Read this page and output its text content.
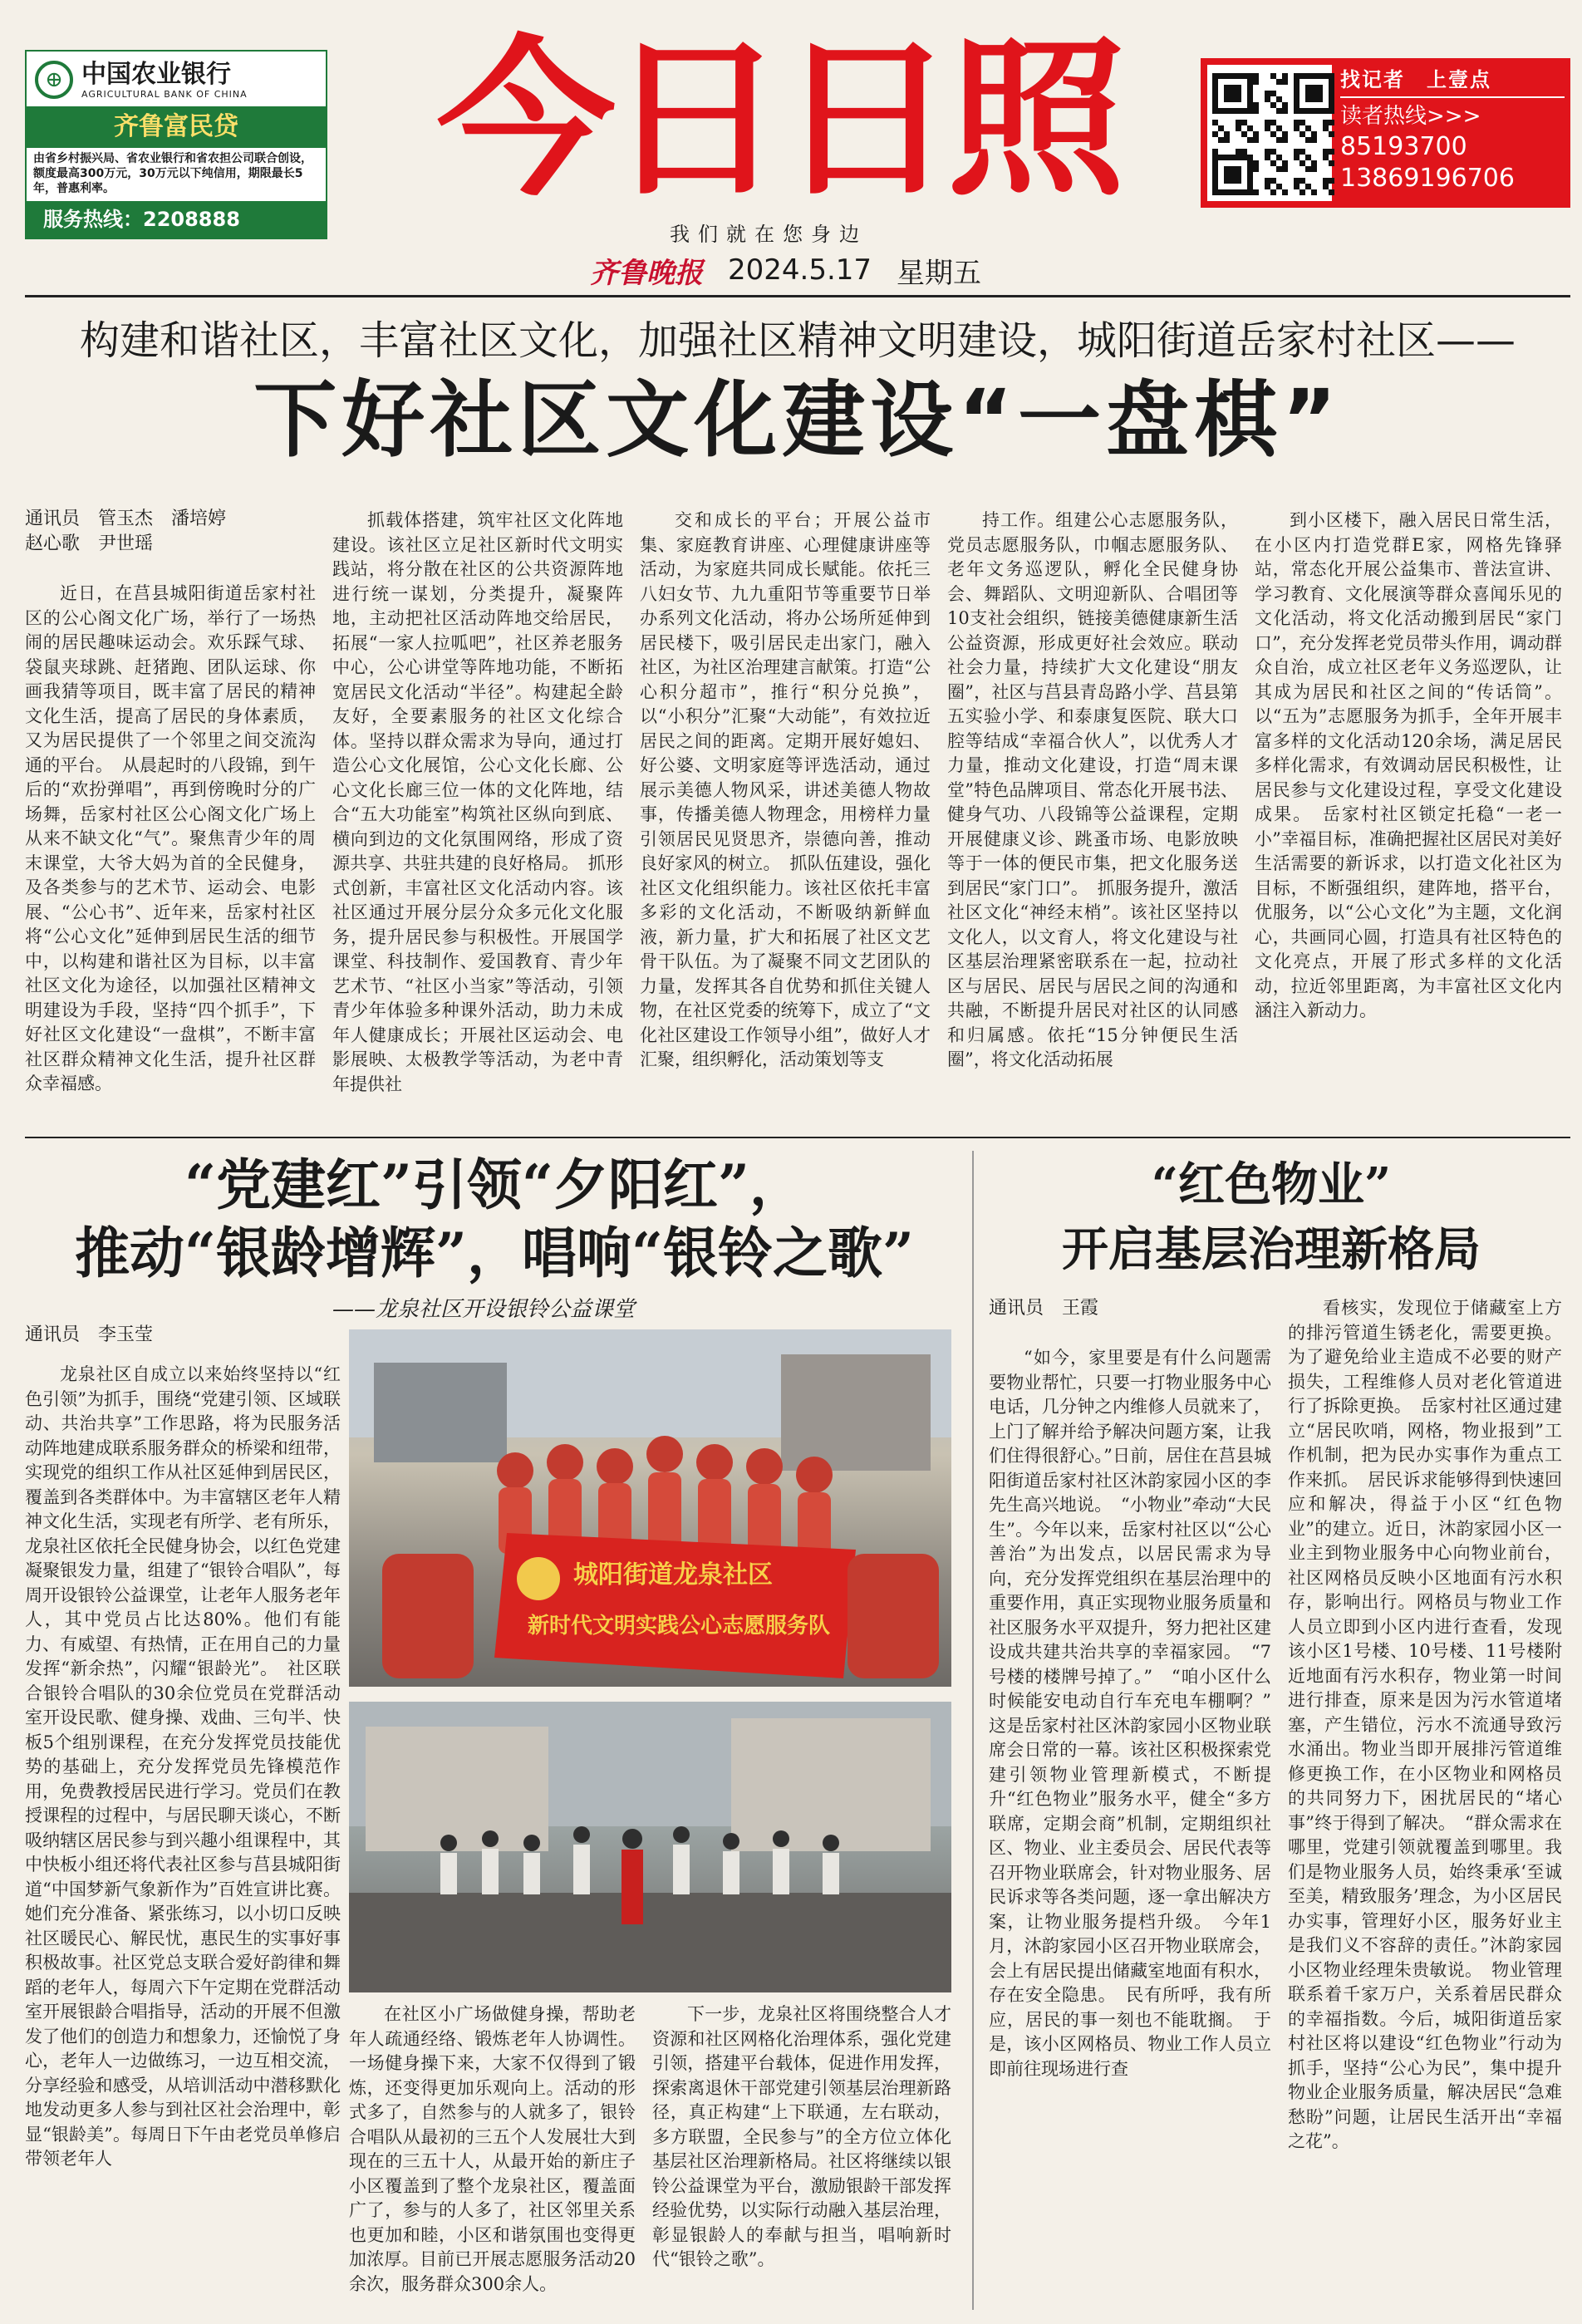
⊕ 中国农业银行
AGRICULTURAL BANK OF CHINA
齐鲁富民贷
由省乡村振兴局、省农业银行和省农担公司联合创设，额度最高300万元，30万元以下纯信用，期限最长5年，普惠利率。
服务热线：2208888	今日日照
我们就在您身边
齐鲁晚报 2024.5.17 星期五
找记者　上壹点
读者热线>>>
85193700
13869196706
构建和谐社区，丰富社区文化，加强社区精神文明建设，城阳街道岳家村社区——
下好社区文化建设“一盘棋”
通讯员　管玉杰　潘培婷
赵心歌　尹世瑶

近日，在莒县城阳街道岳家村社区的公心阁文化广场，举行了一场热闹的居民趣味运动会。欢乐踩气球、袋鼠夹球跳、赶猪跑、团队运球、你画我猜等项目，既丰富了居民的精神文化生活，提高了居民的身体素质，又为居民提供了一个邻里之间交流沟通的平台。　从晨起时的八段锦，到午后的“欢扮弹唱”，再到傍晚时分的广场舞，岳家村社区公心阁文化广场上从来不缺文化“气”。聚焦青少年的周末课堂，大爷大妈为首的全民健身，及各类参与的艺术节、运动会、电影展、“公心书”、近年来，岳家村社区将“公心文化”延伸到居民生活的细节中，以构建和谐社区为目标，以丰富社区文化为途径，以加强社区精神文明建设为手段，坚持“四个抓手”，下好社区文化建设“一盘棋”，不断丰富社区群众精神文化生活，提升社区群众幸福感。

抓载体搭建，筑牢社区文化阵地建设。该社区立足社区新时代文明实践站，将分散在社区的公共资源阵地进行统一谋划，分类提升，凝聚阵地，主动把社区活动阵地交给居民，拓展“一家人拉呱吧”，社区养老服务中心，公心讲堂等阵地功能，不断拓宽居民文化活动“半径”。构建起全龄友好，全要素服务的社区文化综合体。坚持以群众需求为导向，通过打造公心文化展馆，公心文化长廊、公心文化长廊三位一体的文化阵地，结合“五大功能室”构筑社区纵向到底、横向到边的文化氛围网络，形成了资源共享、共驻共建的良好格局。　抓形式创新，丰富社区文化活动内容。该社区通过开展分层分众多元化文化服务，提升居民参与积极性。开展国学课堂、科技制作、爱国教育、青少年艺术节、“社区小当家”等活动，引领青少年体验多种课外活动，助力未成年人健康成长；开展社区运动会、电影展映、太极教学等活动，为老中青年提供社

交和成长的平台；开展公益市集、家庭教育讲座、心理健康讲座等活动，为家庭共同成长赋能。依托三八妇女节、九九重阳节等重要节日举办系列文化活动，将办公场所延伸到居民楼下，吸引居民走出家门，融入社区，为社区治理建言献策。打造“公心积分超市”，推行“积分兑换”，以“小积分”汇聚“大动能”，有效拉近居民之间的距离。定期开展好媳妇、好公婆、文明家庭等评选活动，通过展示美德人物风采，讲述美德人物故事，传播美德人物理念，用榜样力量引领居民见贤思齐，崇德向善，推动良好家风的树立。　抓队伍建设，强化社区文化组织能力。该社区依托丰富多彩的文化活动，不断吸纳新鲜血液，新力量，扩大和拓展了社区文艺骨干队伍。为了凝聚不同文艺团队的力量，发挥其各自优势和抓住关键人物，在社区党委的统筹下，成立了“文化社区建设工作领导小组”，做好人才汇聚，组织孵化，活动策划等支

持工作。组建公心志愿服务队，党员志愿服务队，巾帼志愿服务队、老年文务巡逻队，孵化全民健身协会、舞蹈队、文明迎新队、合唱团等10支社会组织，链接美德健康新生活公益资源，形成更好社会效应。联动社会力量，持续扩大文化建设“朋友圈”，社区与莒县青岛路小学、莒县第五实验小学、和泰康复医院、联大口腔等结成“幸福合伙人”，以优秀人才力量，推动文化建设，打造“周末课堂”特色品牌项目、常态化开展书法、健身气功、八段锦等公益课程，定期开展健康义诊、跳蚤市场、电影放映等于一体的便民市集，把文化服务送到居民“家门口”。　抓服务提升，激活社区文化“神经末梢”。该社区坚持以文化人，以文育人，将文化建设与社区基层治理紧密联系在一起，拉动社区与居民、居民与居民之间的沟通和共融，不断提升居民对社区的认同感和归属感。依托“15分钟便民生活圈”，将文化活动拓展

到小区楼下，融入居民日常生活，在小区内打造党群E家，网格先锋驿站，常态化开展公益集市、普法宣讲、学习教育、文化展演等群众喜闻乐见的文化活动，将文化活动搬到居民“家门口”，充分发挥老党员带头作用，调动群众自治，成立社区老年义务巡逻队，让其成为居民和社区之间的“传话筒”。以“五为”志愿服务为抓手，全年开展丰富多样的文化活动120余场，满足居民多样化需求，有效调动居民积极性，让居民参与文化建设过程，享受文化建设成果。　岳家村社区锁定托稳“一老一小”幸福目标，准确把握社区居民对美好生活需要的新诉求，以打造文化社区为目标，不断强组织，建阵地，搭平台，优服务，以“公心文化”为主题，文化润心，共画同心圆，打造具有社区特色的文化亮点，开展了形式多样的文化活动，拉近邻里距离，为丰富社区文化内涵注入新动力。

“党建红”引领“夕阳红”，
推动“银龄增辉”，唱响“银铃之歌”
——龙泉社区开设银铃公益课堂
通讯员　李玉莹

龙泉社区自成立以来始终坚持以“红色引领”为抓手，围绕“党建引领、区域联动、共治共享”工作思路，将为民服务活动阵地建成联系服务群众的桥梁和纽带，实现党的组织工作从社区延伸到居民区，覆盖到各类群体中。为丰富辖区老年人精神文化生活，实现老有所学、老有所乐，龙泉社区依托全民健身协会，以红色党建凝聚银发力量，组建了“银铃合唱队”，每周开设银铃公益课堂，让老年人服务老年人，其中党员占比达80%。他们有能力、有威望、有热情，正在用自己的力量发挥“新余热”，闪耀“银龄光”。　社区联合银铃合唱队的30余位党员在党群活动室开设民歌、健身操、戏曲、三句半、快板5个组别课程，在充分发挥党员技能优势的基础上，充分发挥党员先锋模范作用，免费教授居民进行学习。党员们在教授课程的过程中，与居民聊天谈心，不断吸纳辖区居民参与到兴趣小组课程中，其中快板小组还将代表社区参与莒县城阳街道“中国梦新气象新作为”百姓宣讲比赛。她们充分准备、紧张练习，以小切口反映社区暖民心、解民忧，惠民生的实事好事积极故事。社区党总支联合爱好韵律和舞蹈的老年人，每周六下午定期在党群活动室开展银龄合唱指导，活动的开展不但激发了他们的创造力和想象力，还愉悦了身心，老年人一边做练习，一边互相交流，分享经验和感受，从培训活动中潜移默化地发动更多人参与到社区社会治理中，彰显“银龄美”。每周日下午由老党员单修启带领老年人

城阳街道龙泉社区
新时代文明实践公心志愿服务队

在社区小广场做健身操，帮助老年人疏通经络、锻炼老年人协调性。一场健身操下来，大家不仅得到了锻炼，还变得更加乐观向上。活动的形式多了，自然参与的人就多了，银铃合唱队从最初的三五个人发展壮大到现在的三五十人，从最开始的新庄子小区覆盖到了整个龙泉社区，覆盖面广了，参与的人多了，社区邻里关系也更加和睦，小区和谐氛围也变得更加浓厚。目前已开展志愿服务活动20余次，服务群众300余人。

下一步，龙泉社区将围绕整合人才资源和社区网格化治理体系，强化党建引领，搭建平台载体，促进作用发挥，探索离退休干部党建引领基层治理新路径，真正构建“上下联通，左右联动，多方联盟，全民参与”的全方位立体化基层社区治理新格局。社区将继续以银铃公益课堂为平台，激励银龄干部发挥经验优势，以实际行动融入基层治理，彰显银龄人的奉献与担当，唱响新时代“银铃之歌”。

“红色物业”
开启基层治理新格局
通讯员　王霞

“如今，家里要是有什么问题需要物业帮忙，只要一打物业服务中心电话，几分钟之内维修人员就来了，上门了解并给予解决问题方案，让我们住得很舒心。”日前，居住在莒县城阳街道岳家村社区沐韵家园小区的李先生高兴地说。　“小物业”牵动“大民生”。今年以来，岳家村社区以“公心善治”为出发点，以居民需求为导向，充分发挥党组织在基层治理中的重要作用，真正实现物业服务质量和社区服务水平双提升，努力把社区建设成共建共治共享的幸福家园。　“7号楼的楼牌号掉了。”　“咱小区什么时候能安电动自行车充电车棚啊？”　这是岳家村社区沐韵家园小区物业联席会日常的一幕。该社区积极探索党建引领物业管理新模式，不断提升“红色物业”服务水平，健全“多方联席，定期会商”机制，定期组织社区、物业、业主委员会、居民代表等召开物业联席会，针对物业服务、居民诉求等各类问题，逐一拿出解决方案，让物业服务提档升级。　今年1月，沐韵家园小区召开物业联席会，会上有居民提出储藏室地面有积水，存在安全隐患。　民有所呼，我有所应，居民的事一刻也不能耽搁。　于是，该小区网格员、物业工作人员立即前往现场进行查

看核实，发现位于储藏室上方的排污管道生锈老化，需要更换。为了避免给业主造成不必要的财产损失，工程维修人员对老化管道进行了拆除更换。　岳家村社区通过建立“居民吹哨，网格，物业报到”工作机制，把为民办实事作为重点工作来抓。　居民诉求能够得到快速回应和解决，得益于小区“红色物业”的建立。近日，沐韵家园小区一业主到物业服务中心向物业前台，社区网格员反映小区地面有污水积存，影响出行。网格员与物业工作人员立即到小区内进行查看，发现该小区1号楼、10号楼、11号楼附近地面有污水积存，物业第一时间进行排查，原来是因为污水管道堵塞，产生错位，污水不流通导致污水涌出。物业当即开展排污管道维修更换工作，在小区物业和网格员的共同努力下，困扰居民的“堵心事”终于得到了解决。　“群众需求在哪里，党建引领就覆盖到哪里。我们是物业服务人员，始终秉承‘至诚至美，精致服务’理念，为小区居民办实事，管理好小区，服务好业主是我们义不容辞的责任。”沐韵家园小区物业经理朱贵敏说。　物业管理联系着千家万户，关系着居民群众的幸福指数。今后，城阳街道岳家村社区将以建设“红色物业”行动为抓手，坚持“公心为民”，集中提升物业企业服务质量，解决居民“急难愁盼”问题，让居民生活开出“幸福之花”。
